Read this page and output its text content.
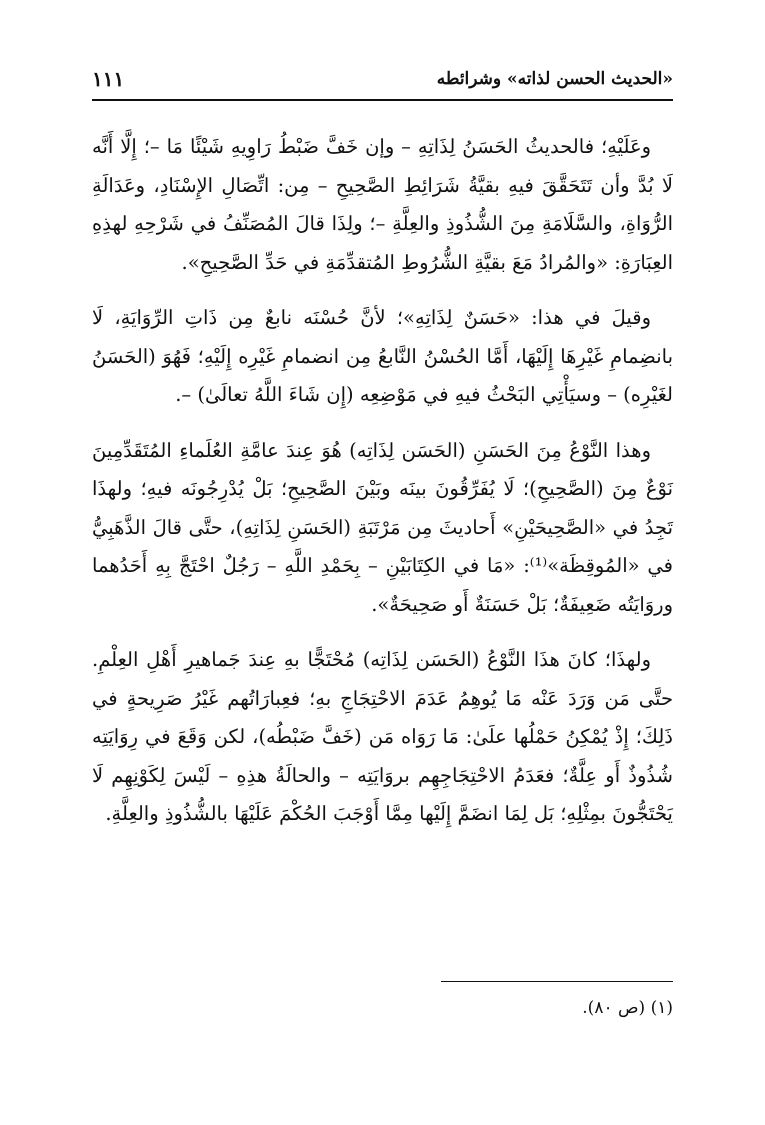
«الحديث الحسن لذاته» وشرائطه
١١١

وعَلَيْهِ؛ فالحديثُ الحَسَنُ لِذَاتِهِ – وإن خَفَّ ضَبْطُ رَاوِيهِ شَيْئًا مَا –؛ إِلَّا أَنَّه لَا بُدَّ وأن تَتَحَقَّقَ فيهِ بقيَّةُ شَرَائِطِ الصَّحِيحِ – مِن: اتِّصَالِ الإِسْنَادِ، وعَدَالَةِ الرُّوَاةِ، والسَّلَامَةِ مِنَ الشُّذُوذِ والعِلَّةِ –؛ ولِذَا قالَ المُصَنِّفُ في شَرْحِهِ لهذِهِ العِبَارَةِ: «والمُرادُ مَعَ بقيَّةِ الشُّرُوطِ المُتقدِّمَةِ في حَدِّ الصَّحِيحِ».

وقيلَ في هذا: «حَسَنٌ لِذَاتِهِ»؛ لأنَّ حُسْنَه نابعٌ مِن ذَاتِ الرِّوَايَةِ، لَا بانضِمامِ غَيْرِهَا إِلَيْهَا، أَمَّا الحُسْنُ النَّابعُ مِن انضمامِ غَيْرِه إِلَيْهِ؛ فَهُوَ (الحَسَنُ لغَيْرِه) – وسيَأْتِي البَحْثُ فيهِ في مَوْضِعِه (إِن شَاءَ اللَّهُ تعالَىٰ) –.

وهذا النَّوْعُ مِنَ الحَسَنِ (الحَسَن لِذَاتِه) هُوَ عِندَ عامَّةِ العُلَماءِ المُتَقَدِّمِينَ نَوْعٌ مِنَ (الصَّحِيحِ)؛ لَا يُفَرِّقُونَ بينَه وبَيْنَ الصَّحِيحِ؛ بَلْ يُدْرِجُونَه فيهِ؛ ولهذَا تَجِدُ في «الصَّحِيحَيْنِ» أَحاديثَ مِن مَرْتَبَةِ (الحَسَنِ لِذَاتِهِ)، حتَّى قالَ الذَّهَبِيُّ في «المُوقِظَة»⁽¹⁾: «مَا في الكِتَابَيْنِ – بِحَمْدِ اللَّهِ – رَجُلٌ احْتَجَّ بِهِ أَحَدُهما وروَايَتُه ضَعِيفَةٌ؛ بَلْ حَسَنَةٌ أَو صَحِيحَةٌ».

ولهذَا؛ كانَ هذَا النَّوْعُ (الحَسَن لِذَاتِه) مُحْتَجًّا بهِ عِندَ جَماهيرِ أَهْلِ العِلْمِ. حتَّى مَن وَرَدَ عَنْه مَا يُوهِمُ عَدَمَ الاحْتِجَاجِ بهِ؛ فعِبارَاتُهم غَيْرُ صَرِيحةٍ في ذَلِكَ؛ إِذْ يُمْكِنُ حَمْلُها علَىٰ: مَا رَوَاه مَن (خَفَّ ضَبْطُه)، لكن وَقَعَ في رِوَايَتِه شُذُوذٌ أَو عِلَّةٌ؛ فعَدَمُ الاحْتِجَاجِهِم بروَايَتِه – والحالَةُ هذِهِ – لَيْسَ لِكَوْنِهِم لَا يَحْتَجُّونَ بمِثْلِهِ؛ بَل لِمَا انضَمَّ إِلَيْها مِمَّا أَوْجَبَ الحُكْمَ عَلَيْهَا بالشُّذُوذِ والعِلَّةِ.

(١) (ص ٨٠).
